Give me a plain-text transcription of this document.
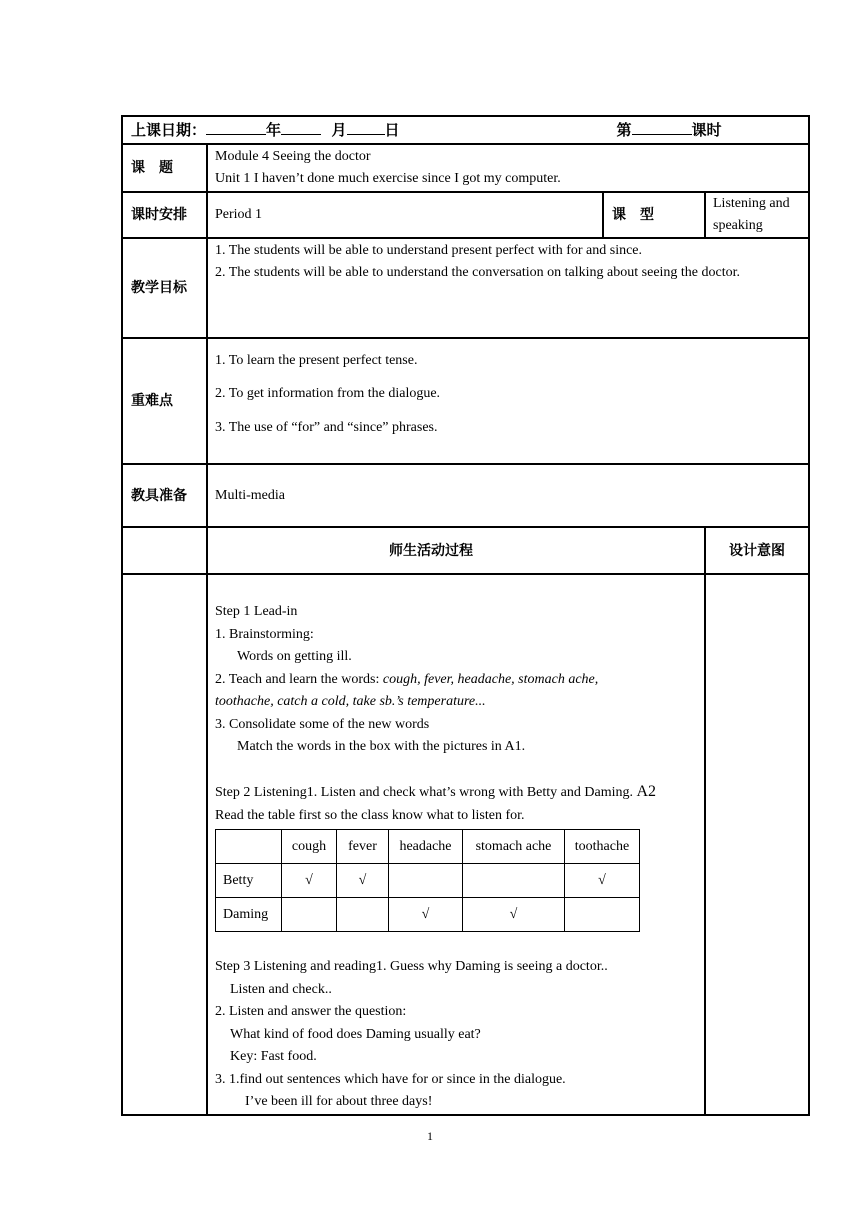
上课日期：	年	月	日	第	课时
课　题	
Module 4 Seeing the doctor
Unit 1 I haven’t done much exercise since I got my computer.

课时安排	Period 1	课　型	Listening and speaking
教学目标	
1. The students will be able to understand present perfect with for and since.
2. The students will be able to understand the conversation on talking about seeing the doctor.

重难点	
1. To learn the present perfect tense.
2. To get information from the dialogue.
3. The use of “for” and “since” phrases.

教具准备	Multi-media
	师生活动过程	设计意图

Step 1 Lead-in

1. Brainstorming:

Words on getting ill.

2. Teach and learn the words: cough, fever, headache, stomach ache,

toothache, catch a cold, take sb.’s temperature...

3. Consolidate some of the new words

Match the words in the box with the pictures in A1.

Step 2 Listening1. Listen and check what’s wrong with Betty and Daming. A2

Read the table first so the class know what to listen for.

	cough	fever	headache	stomach ache	toothache
Betty	√	√			√
Daming			√	√	

Step 3 Listening and reading1. Guess why Daming is seeing a doctor..

Listen and check..

2. Listen and answer the question:

What kind of food does Daming usually eat?

Key: Fast food.

3. 1.find out sentences which have for or since in the dialogue.

I’ve been ill for about three days!

1
